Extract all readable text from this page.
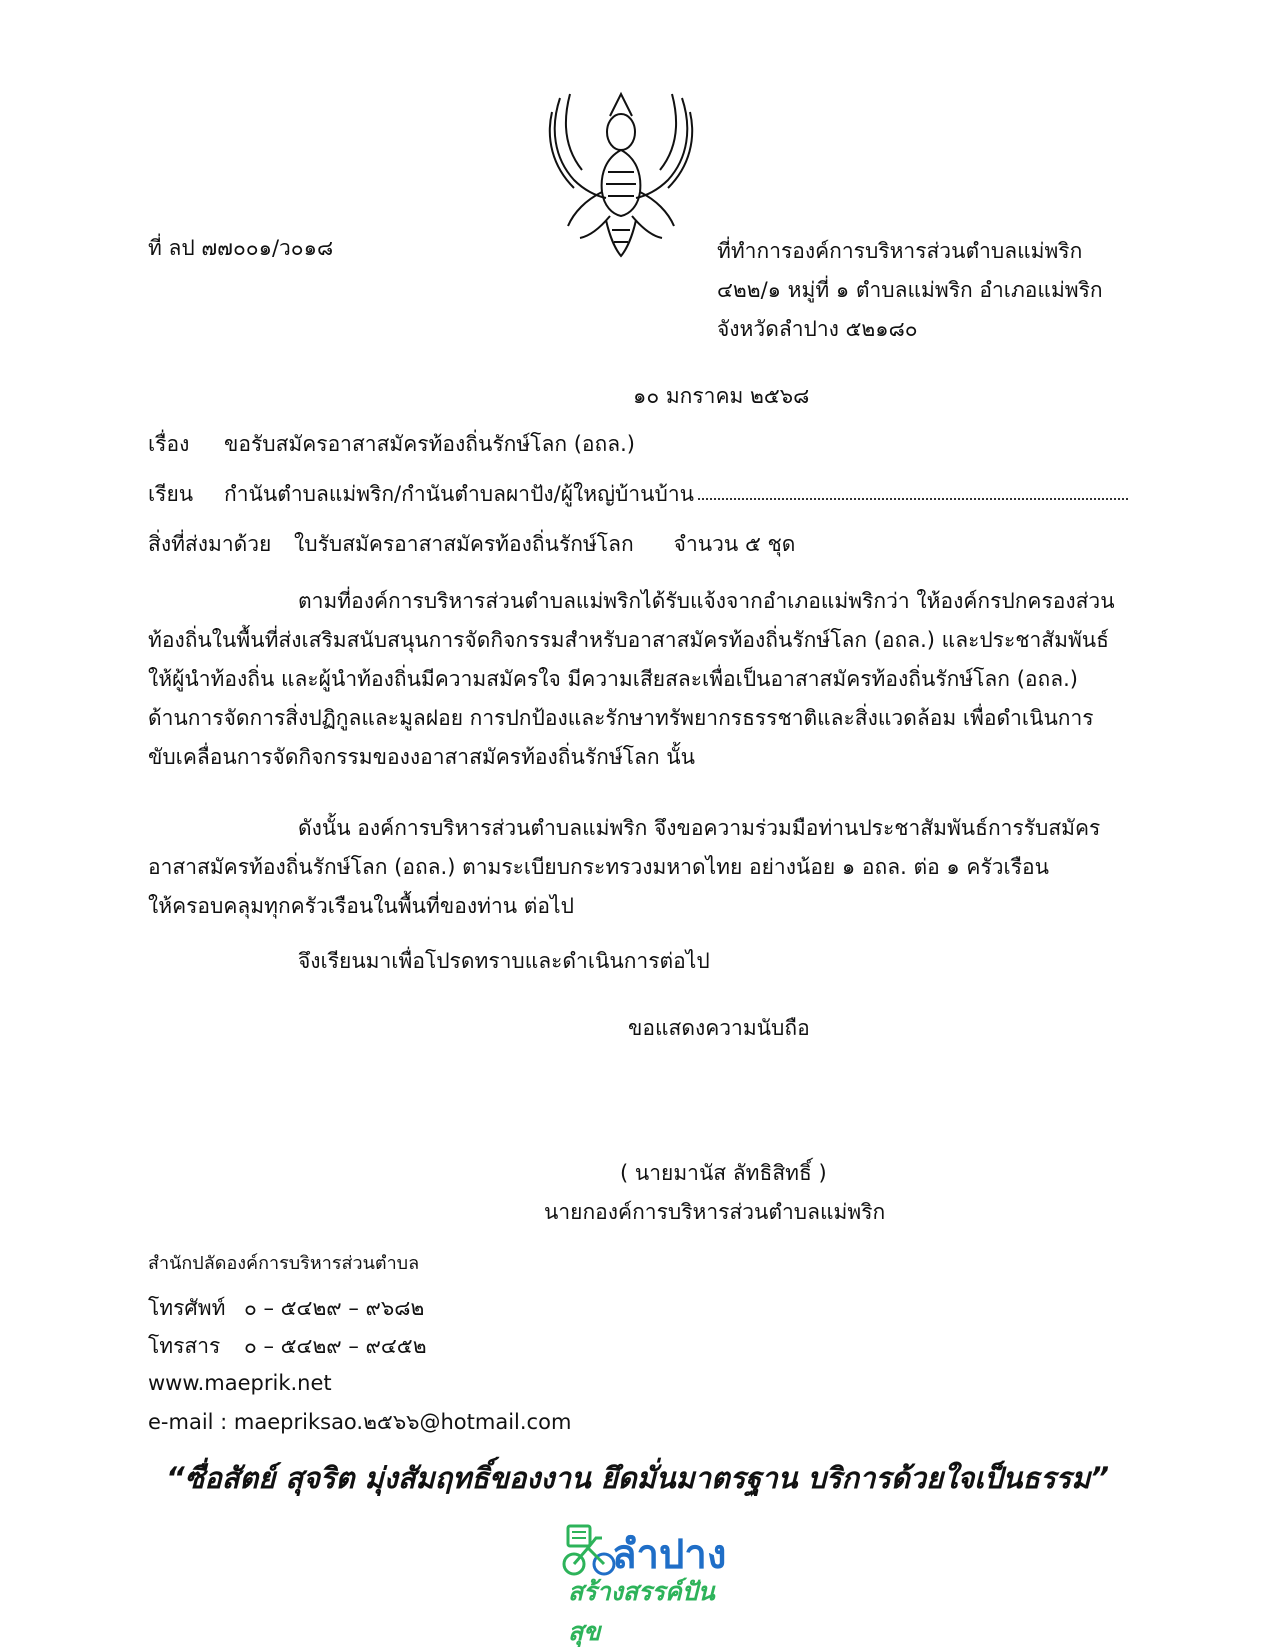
ที่ ลป ๗๗๐๐๑/ว๐๑๘	ที่ทำการองค์การบริหารส่วนตำบลแม่พริก
๔๒๒/๑ หมู่ที่ ๑ ตำบลแม่พริก อำเภอแม่พริก
จังหวัดลำปาง ๕๒๑๘๐
๑๐ มกราคม ๒๕๖๘
เรื่อง ขอรับสมัครอาสาสมัครท้องถิ่นรักษ์โลก (อถล.)
เรียน กำนันตำบลแม่พริก/กำนันตำบลผาปัง/ผู้ใหญ่บ้านบ้าน
สิ่งที่ส่งมาด้วย ใบรับสมัครอาสาสมัครท้องถิ่นรักษ์โลก จำนวน ๕ ชุด
ตามที่องค์การบริหารส่วนตำบลแม่พริกได้รับแจ้งจากอำเภอแม่พริกว่า ให้องค์กรปกครองส่วน
ท้องถิ่นในพื้นที่ส่งเสริมสนับสนุนการจัดกิจกรรมสำหรับอาสาสมัครท้องถิ่นรักษ์โลก (อถล.) และประชาสัมพันธ์
ให้ผู้นำท้องถิ่น และผู้นำท้องถิ่นมีความสมัครใจ มีความเสียสละเพื่อเป็นอาสาสมัครท้องถิ่นรักษ์โลก (อถล.)
ด้านการจัดการสิ่งปฏิกูลและมูลฝอย การปกป้องและรักษาทรัพยากรธรรชาติและสิ่งแวดล้อม เพื่อดำเนินการ
ขับเคลื่อนการจัดกิจกรรมของงอาสาสมัครท้องถิ่นรักษ์โลก นั้น
ดังนั้น องค์การบริหารส่วนตำบลแม่พริก จึงขอความร่วมมือท่านประชาสัมพันธ์การรับสมัคร
อาสาสมัครท้องถิ่นรักษ์โลก (อถล.) ตามระเบียบกระทรวงมหาดไทย อย่างน้อย ๑ อถล. ต่อ ๑ ครัวเรือน
ให้ครอบคลุมทุกครัวเรือนในพื้นที่ของท่าน ต่อไป
จึงเรียนมาเพื่อโปรดทราบและดำเนินการต่อไป
ขอแสดงความนับถือ
( นายมานัส ลัทธิสิทธิ์ )
นายกองค์การบริหารส่วนตำบลแม่พริก
สำนักปลัดองค์การบริหารส่วนตำบล
โทรศัพท์ ๐ – ๕๔๒๙ – ๙๖๘๒
โทรสาร ๐ – ๕๔๒๙ – ๙๔๕๒
www.maeprik.net
e-mail : maepriksao.๒๕๖๖@hotmail.com
“ซื่อสัตย์ สุจริต มุ่งสัมฤทธิ์ของงาน ยึดมั่นมาตรฐาน บริการด้วยใจเป็นธรรม”
ลำปาง
สร้างสรรค์ปันสุข
